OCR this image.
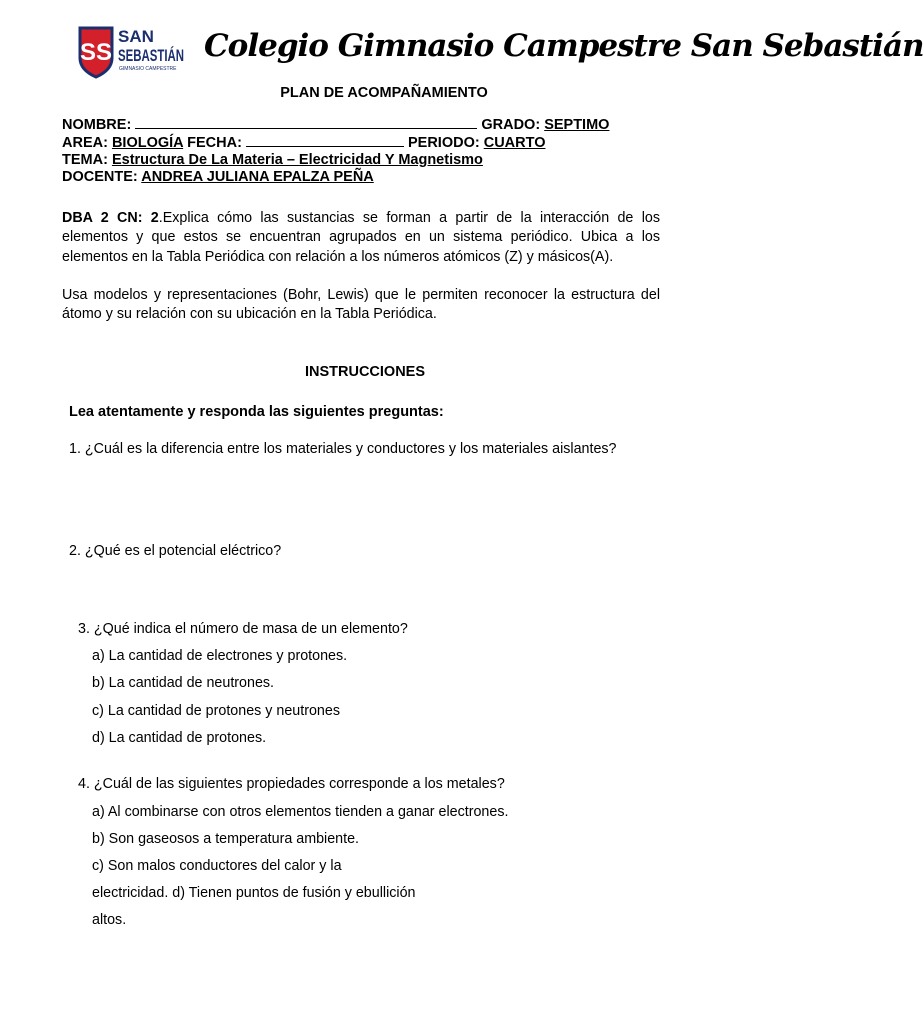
SS
SAN
SEBASTIÁN
GIMNASIO CAMPESTRE
Colegio Gimnasio Campestre San Sebastián
PLAN DE ACOMPAÑAMIENTO
NOMBRE:	GRADO: SEPTIMO
AREA: BIOLOGÍA FECHA:	PERIODO: CUARTO
TEMA: Estructura De La Materia – Electricidad Y Magnetismo
DOCENTE: ANDREA JULIANA EPALZA PEÑA
DBA 2 CN: 2.Explica cómo las sustancias se forman a partir de la interacción de los elementos y que estos se encuentran agrupados en un sistema periódico. Ubica a los elementos en la Tabla Periódica con relación a los números atómicos (Z) y másicos(A).
Usa modelos y representaciones (Bohr, Lewis) que le permiten reconocer la estructura del átomo y su relación con su ubicación en la Tabla Periódica.
INSTRUCCIONES
Lea atentamente y responda las siguientes preguntas:
1. ¿Cuál es la diferencia entre los materiales y conductores y los materiales aislantes?
2. ¿Qué es el potencial eléctrico?
3. ¿Qué indica el número de masa de un elemento?
a) La cantidad de electrones y protones.
b) La cantidad de neutrones.
c) La cantidad de protones y neutrones
d) La cantidad de protones.
4. ¿Cuál de las siguientes propiedades corresponde a los metales?
a) Al combinarse con otros elementos tienden a ganar electrones.
b) Son gaseosos a temperatura ambiente.
c) Son malos conductores del calor y la
electricidad. d) Tienen puntos de fusión y ebullición
altos.
